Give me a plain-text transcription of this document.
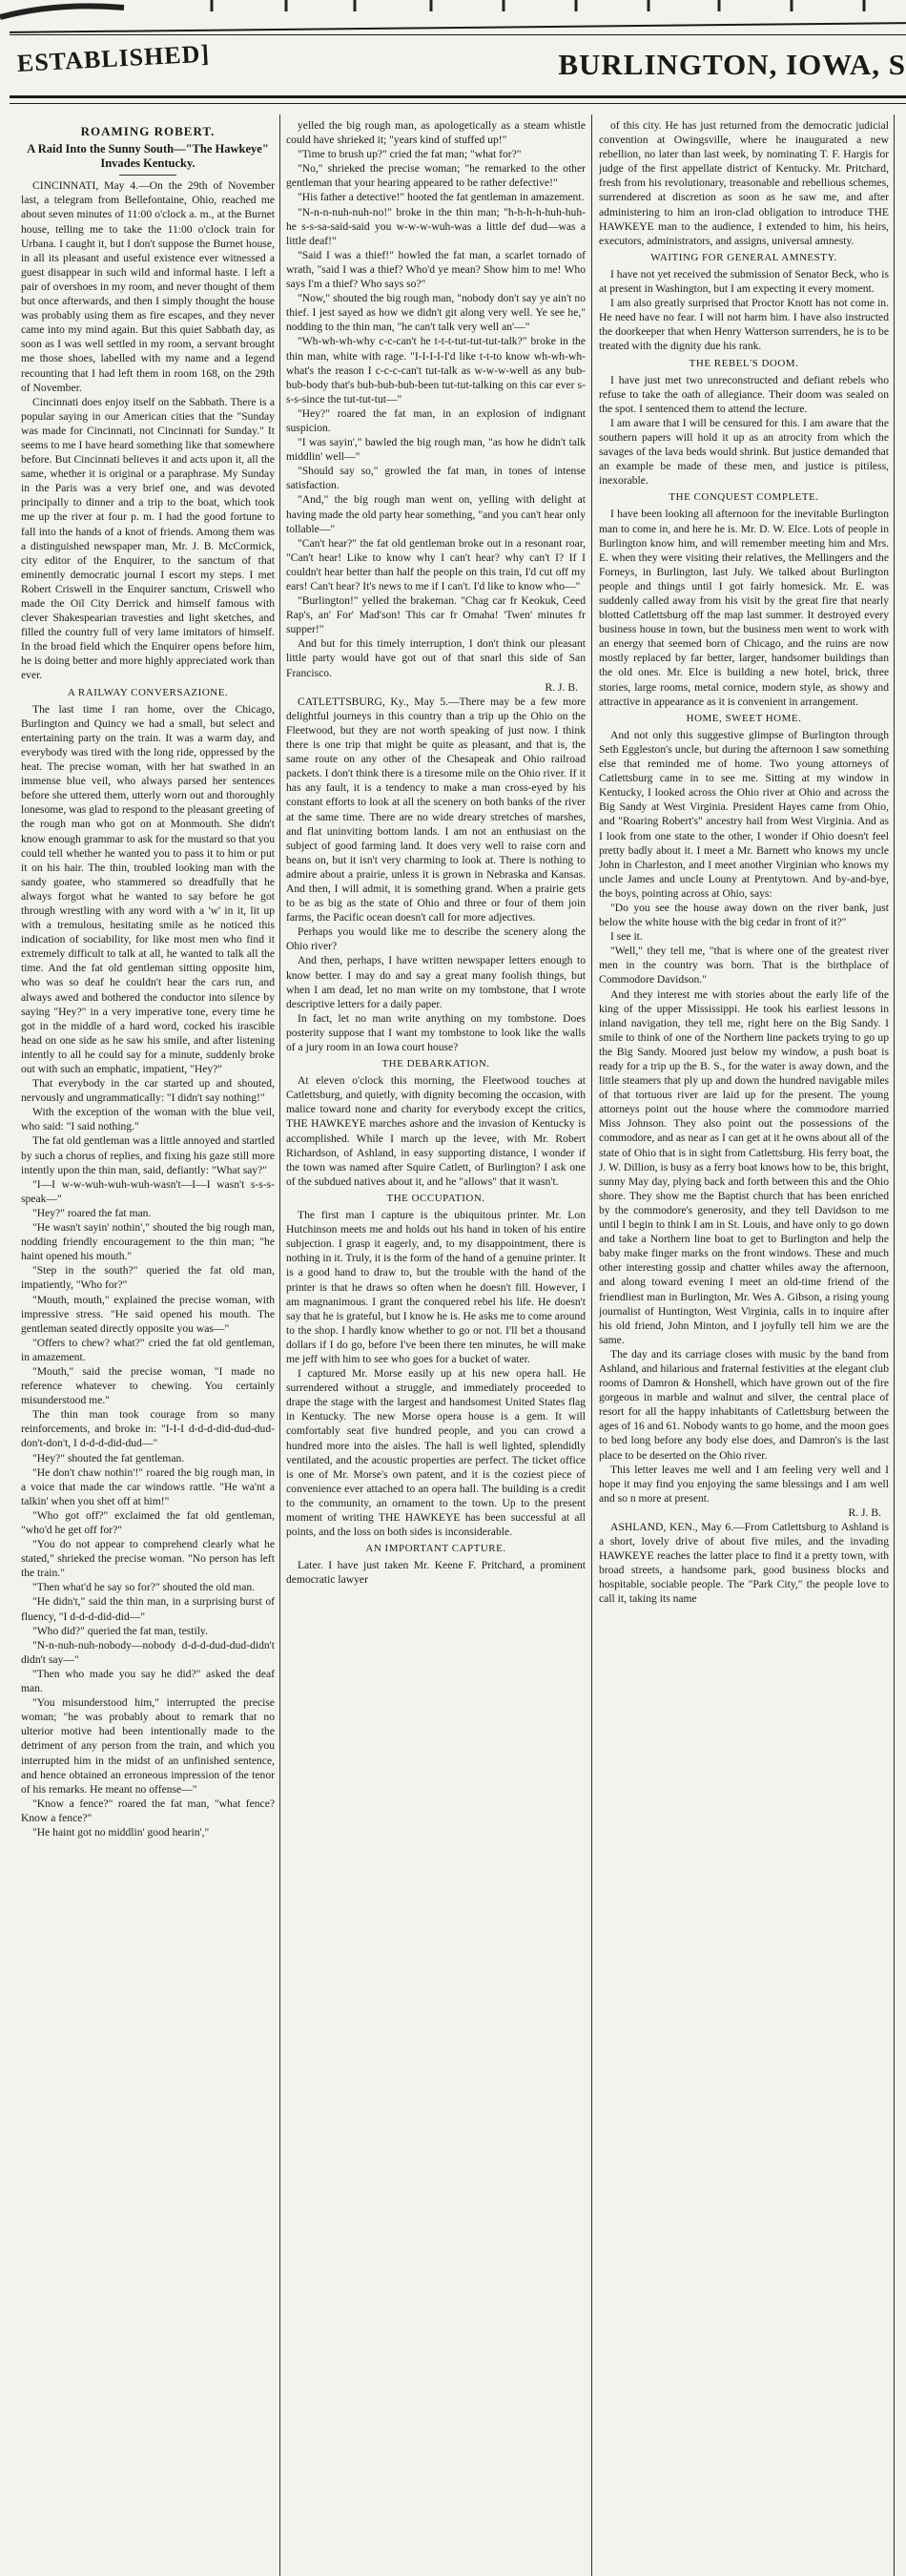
ESTABLISHED]	BURLINGTON, IOWA, S

ROAMING ROBERT.

A Raid Into the Sunny South—"The Hawkeye" Invades Kentucky.

CINCINNATI, May 4.—On the 29th of November last, a telegram from Bellefontaine, Ohio, reached me about seven minutes of 11:00 o'clock a. m., at the Burnet house, telling me to take the 11:00 o'clock train for Urbana. I caught it, but I don't suppose the Burnet house, in all its pleasant and useful existence ever witnessed a guest disappear in such wild and informal haste. I left a pair of overshoes in my room, and never thought of them but once afterwards, and then I simply thought the house was probably using them as fire escapes, and they never came into my mind again. But this quiet Sabbath day, as soon as I was well settled in my room, a servant brought me those shoes, labelled with my name and a legend recounting that I had left them in room 168, on the 29th of November.

Cincinnati does enjoy itself on the Sabbath. There is a popular saying in our American cities that the "Sunday was made for Cincinnati, not Cincinnati for Sunday." It seems to me I have heard something like that somewhere before. But Cincinnati believes it and acts upon it, all the same, whether it is original or a paraphrase. My Sunday in the Paris was a very brief one, and was devoted principally to dinner and a trip to the boat, which took me up the river at four p. m. I had the good fortune to fall into the hands of a knot of friends. Among them was a distinguished newspaper man, Mr. J. B. McCormick, city editor of the Enquirer, to the sanctum of that eminently democratic journal I escort my steps. I met Robert Criswell in the Enquirer sanctum, Criswell who made the Oil City Derrick and himself famous with clever Shakespearian travesties and light sketches, and filled the country full of very lame imitators of himself. In the broad field which the Enquirer opens before him, he is doing better and more highly appreciated work than ever.

A RAILWAY CONVERSAZIONE.

The last time I ran home, over the Chicago, Burlington and Quincy we had a small, but select and entertaining party on the train. It was a warm day, and everybody was tired with the long ride, oppressed by the heat. The precise woman, with her hat swathed in an immense blue veil, who always parsed her sentences before she uttered them, utterly worn out and thoroughly lonesome, was glad to respond to the pleasant greeting of the rough man who got on at Monmouth. She didn't know enough grammar to ask for the mustard so that you could tell whether he wanted you to pass it to him or put it on his hair. The thin, troubled looking man with the sandy goatee, who stammered so dreadfully that he always forgot what he wanted to say before he got through wrestling with any word with a 'w' in it, lit up with a tremulous, hesitating smile as he noticed this indication of sociability, for like most men who find it extremely difficult to talk at all, he wanted to talk all the time. And the fat old gentleman sitting opposite him, who was so deaf he couldn't hear the cars run, and always awed and bothered the conductor into silence by saying "Hey?" in a very imperative tone, every time he got in the middle of a hard word, cocked his irascible head on one side as he saw his smile, and after listening intently to all he could say for a minute, suddenly broke out with such an emphatic, impatient, "Hey?"

That everybody in the car started up and shouted, nervously and ungrammatically: "I didn't say nothing!"

With the exception of the woman with the blue veil, who said: "I said nothing."

The fat old gentleman was a little annoyed and startled by such a chorus of replies, and fixing his gaze still more intently upon the thin man, said, defiantly: "What say?"

"I—I w-w-wuh-wuh-wuh-wasn't—I—I wasn't s-s-s-speak—"

"Hey?" roared the fat man.

"He wasn't sayin' nothin'," shouted the big rough man, nodding friendly encouragement to the thin man; "he haint opened his mouth."

"Step in the south?" queried the fat old man, impatiently, "Who for?"

"Mouth, mouth," explained the precise woman, with impressive stress. "He said opened his mouth. The gentleman seated directly opposite you was—"

"Offers to chew? what?" cried the fat old gentleman, in amazement.

"Mouth," said the precise woman, "I made no reference whatever to chewing. You certainly misunderstood me."

The thin man took courage from so many reinforcements, and broke in: "I-I-I d-d-d-did-dud-dud-don't-don't, I d-d-d-did-dud—"

"Hey?" shouted the fat gentleman.

"He don't chaw nothin'!" roared the big rough man, in a voice that made the car windows rattle. "He wa'nt a talkin' when you shet off at him!"

"Who got off?" exclaimed the fat old gentleman, "who'd he get off for?"

"You do not appear to comprehend clearly what he stated," shrieked the precise woman. "No person has left the train."

"Then what'd he say so for?" shouted the old man.

"He didn't," said the thin man, in a surprising burst of fluency, "I d-d-d-did-did—"

"Who did?" queried the fat man, testily.

"N-n-nuh-nuh-nobody—nobody d-d-d-dud-dud-didn't didn't say—"

"Then who made you say he did?" asked the deaf man.

"You misunderstood him," interrupted the precise woman; "he was probably about to remark that no ulterior motive had been intentionally made to the detriment of any person from the train, and which you interrupted him in the midst of an unfinished sentence, and hence obtained an erroneous impression of the tenor of his remarks. He meant no offense—"

"Know a fence?" roared the fat man, "what fence? Know a fence?"

"He haint got no middlin' good hearin',"

yelled the big rough man, as apologetically as a steam whistle could have shrieked it; "years kind of stuffed up!"

"Time to brush up?" cried the fat man; "what for?"

"No," shrieked the precise woman; "he remarked to the other gentleman that your hearing appeared to be rather defective!"

"His father a detective!" hooted the fat gentleman in amazement.

"N-n-n-nuh-nuh-no!" broke in the thin man; "h-h-h-h-huh-huh-he s-s-sa-said-said you w-w-w-wuh-was a little def dud—was a little deaf!"

"Said I was a thief!" howled the fat man, a scarlet tornado of wrath, "said I was a thief? Who'd ye mean? Show him to me! Who says I'm a thief? Who says so?"

"Now," shouted the big rough man, "nobody don't say ye ain't no thief. I jest sayed as how we didn't git along very well. Ye see he," nodding to the thin man, "he can't talk very well an'—"

"Wh-wh-wh-why c-c-can't he t-t-t-tut-tut-tut-talk?" broke in the thin man, white with rage. "I-I-I-I-I'd like t-t-to know wh-wh-wh-what's the reason I c-c-c-can't tut-talk as w-w-w-well as any bub-bub-body that's bub-bub-bub-been tut-tut-talking on this car ever s-s-s-since the tut-tut-tut—"

"Hey?" roared the fat man, in an explosion of indignant suspicion.

"I was sayin'," bawled the big rough man, "as how he didn't talk middlin' well—"

"Should say so," growled the fat man, in tones of intense satisfaction.

"And," the big rough man went on, yelling with delight at having made the old party hear something, "and you can't hear only tollable—"

"Can't hear?" the fat old gentleman broke out in a resonant roar, "Can't hear! Like to know why I can't hear? why can't I? If I couldn't hear better than half the people on this train, I'd cut off my ears! Can't hear? It's news to me if I can't. I'd like to know who—"

"Burlington!" yelled the brakeman. "Chag car fr Keokuk, Ceed Rap's, an' For' Mad'son! This car fr Omaha! 'Twen' minutes fr supper!"

And but for this timely interruption, I don't think our pleasant little party would have got out of that snarl this side of San Francisco.

R. J. B.

CATLETTSBURG, Ky., May 5.—There may be a few more delightful journeys in this country than a trip up the Ohio on the Fleetwood, but they are not worth speaking of just now. I think there is one trip that might be quite as pleasant, and that is, the same route on any other of the Chesapeak and Ohio railroad packets. I don't think there is a tiresome mile on the Ohio river. If it has any fault, it is a tendency to make a man cross-eyed by his constant efforts to look at all the scenery on both banks of the river at the same time. There are no wide dreary stretches of marshes, and flat uninviting bottom lands. I am not an enthusiast on the subject of good farming land. It does very well to raise corn and beans on, but it isn't very charming to look at. There is nothing to admire about a prairie, unless it is grown in Nebraska and Kansas. And then, I will admit, it is something grand. When a prairie gets to be as big as the state of Ohio and three or four of them join farms, the Pacific ocean doesn't call for more adjectives.

Perhaps you would like me to describe the scenery along the Ohio river?

And then, perhaps, I have written newspaper letters enough to know better. I may do and say a great many foolish things, but when I am dead, let no man write on my tombstone, that I wrote descriptive letters for a daily paper.

In fact, let no man write anything on my tombstone. Does posterity suppose that I want my tombstone to look like the walls of a jury room in an Iowa court house?

THE DEBARKATION.

At eleven o'clock this morning, the Fleetwood touches at Catlettsburg, and quietly, with dignity becoming the occasion, with malice toward none and charity for everybody except the critics, THE HAWKEYE marches ashore and the invasion of Kentucky is accomplished. While I march up the levee, with Mr. Robert Richardson, of Ashland, in easy supporting distance, I wonder if the town was named after Squire Catlett, of Burlington? I ask one of the subdued natives about it, and he "allows" that it wasn't.

THE OCCUPATION.

The first man I capture is the ubiquitous printer. Mr. Lon Hutchinson meets me and holds out his hand in token of his entire subjection. I grasp it eagerly, and, to my disappointment, there is nothing in it. Truly, it is the form of the hand of a genuine printer. It is a good hand to draw to, but the trouble with the hand of the printer is that he draws so often when he doesn't fill. However, I am magnanimous. I grant the conquered rebel his life. He doesn't say that he is grateful, but I know he is. He asks me to come around to the shop. I hardly know whether to go or not. I'll bet a thousand dollars if I do go, before I've been there ten minutes, he will make me jeff with him to see who goes for a bucket of water.

I captured Mr. Morse easily up at his new opera hall. He surrendered without a struggle, and immediately proceeded to drape the stage with the largest and handsomest United States flag in Kentucky. The new Morse opera house is a gem. It will comfortably seat five hundred people, and you can crowd a hundred more into the aisles. The hall is well lighted, splendidly ventilated, and the acoustic properties are perfect. The ticket office is one of Mr. Morse's own patent, and it is the coziest piece of convenience ever attached to an opera hall. The building is a credit to the community, an ornament to the town. Up to the present moment of writing THE HAWKEYE has been successful at all points, and the loss on both sides is inconsiderable.

AN IMPORTANT CAPTURE.

Later. I have just taken Mr. Keene F. Pritchard, a prominent democratic lawyer

of this city. He has just returned from the democratic judicial convention at Owingsville, where he inaugurated a new rebellion, no later than last week, by nominating T. F. Hargis for judge of the first appellate district of Kentucky. Mr. Pritchard, fresh from his revolutionary, treasonable and rebellious schemes, surrendered at discretion as soon as he saw me, and after administering to him an iron-clad obligation to introduce THE HAWKEYE man to the audience, I extended to him, his heirs, executors, administrators, and assigns, universal amnesty.

WAITING FOR GENERAL AMNESTY.

I have not yet received the submission of Senator Beck, who is at present in Washington, but I am expecting it every moment.

I am also greatly surprised that Proctor Knott has not come in. He need have no fear. I will not harm him. I have also instructed the doorkeeper that when Henry Watterson surrenders, he is to be treated with the dignity due his rank.

THE REBEL'S DOOM.

I have just met two unreconstructed and defiant rebels who refuse to take the oath of allegiance. Their doom was sealed on the spot. I sentenced them to attend the lecture.

I am aware that I will be censured for this. I am aware that the southern papers will hold it up as an atrocity from which the savages of the lava beds would shrink. But justice demanded that an example be made of these men, and justice is pitiless, inexorable.

THE CONQUEST COMPLETE.

I have been looking all afternoon for the inevitable Burlington man to come in, and here he is. Mr. D. W. Elce. Lots of people in Burlington know him, and will remember meeting him and Mrs. E. when they were visiting their relatives, the Mellingers and the Forneys, in Burlington, last July. We talked about Burlington people and things until I got fairly homesick. Mr. E. was suddenly called away from his visit by the great fire that nearly blotted Catlettsburg off the map last summer. It destroyed every business house in town, but the business men went to work with an energy that seemed born of Chicago, and the ruins are now mostly replaced by far better, larger, handsomer buildings than the old ones. Mr. Elce is building a new hotel, brick, three stories, large rooms, metal cornice, modern style, as showy and attractive in appearance as it is convenient in arrangement.

HOME, SWEET HOME.

And not only this suggestive glimpse of Burlington through Seth Eggleston's uncle, but during the afternoon I saw something else that reminded me of home. Two young attorneys of Catlettsburg came in to see me. Sitting at my window in Kentucky, I looked across the Ohio river at Ohio and across the Big Sandy at West Virginia. President Hayes came from Ohio, and "Roaring Robert's" ancestry hail from West Virginia. And as I look from one state to the other, I wonder if Ohio doesn't feel pretty badly about it. I meet a Mr. Barnett who knows my uncle John in Charleston, and I meet another Virginian who knows my uncle James and uncle Louny at Prentytown. And by-and-bye, the boys, pointing across at Ohio, says:

"Do you see the house away down on the river bank, just below the white house with the big cedar in front of it?"

I see it.

"Well," they tell me, "that is where one of the greatest river men in the country was born. That is the birthplace of Commodore Davidson."

And they interest me with stories about the early life of the king of the upper Mississippi. He took his earliest lessons in inland navigation, they tell me, right here on the Big Sandy. I smile to think of one of the Northern line packets trying to go up the Big Sandy. Moored just below my window, a push boat is ready for a trip up the B. S., for the water is away down, and the little steamers that ply up and down the hundred navigable miles of that tortuous river are laid up for the present. The young attorneys point out the house where the commodore married Miss Johnson. They also point out the possessions of the commodore, and as near as I can get at it he owns about all of the state of Ohio that is in sight from Catlettsburg. His ferry boat, the J. W. Dillion, is busy as a ferry boat knows how to be, this bright, sunny May day, plying back and forth between this and the Ohio shore. They show me the Baptist church that has been enriched by the commodore's generosity, and they tell Davidson to me until I begin to think I am in St. Louis, and have only to go down and take a Northern line boat to get to Burlington and help the baby make finger marks on the front windows. These and much other interesting gossip and chatter whiles away the afternoon, and along toward evening I meet an old-time friend of the friendliest man in Burlington, Mr. Wes A. Gibson, a rising young journalist of Huntington, West Virginia, calls in to inquire after his old friend, John Minton, and I joyfully tell him we are the same.

The day and its carriage closes with music by the band from Ashland, and hilarious and fraternal festivities at the elegant club rooms of Damron & Honshell, which have grown out of the fire gorgeous in marble and walnut and silver, the central place of resort for all the happy inhabitants of Catlettsburg between the ages of 16 and 61. Nobody wants to go home, and the moon goes to bed long before any body else does, and Damron's is the last place to be deserted on the Ohio river.

This letter leaves me well and I am feeling very well and I hope it may find you enjoying the same blessings and I am well and so n more at present.

R. J. B.

ASHLAND, KEN., May 6.—From Catlettsburg to Ashland is a short, lovely drive of about five miles, and the invading HAWKEYE reaches the latter place to find it a pretty town, with broad streets, a handsome park, good business blocks and hospitable, sociable people. The "Park City," the people love to call it, taking its name
